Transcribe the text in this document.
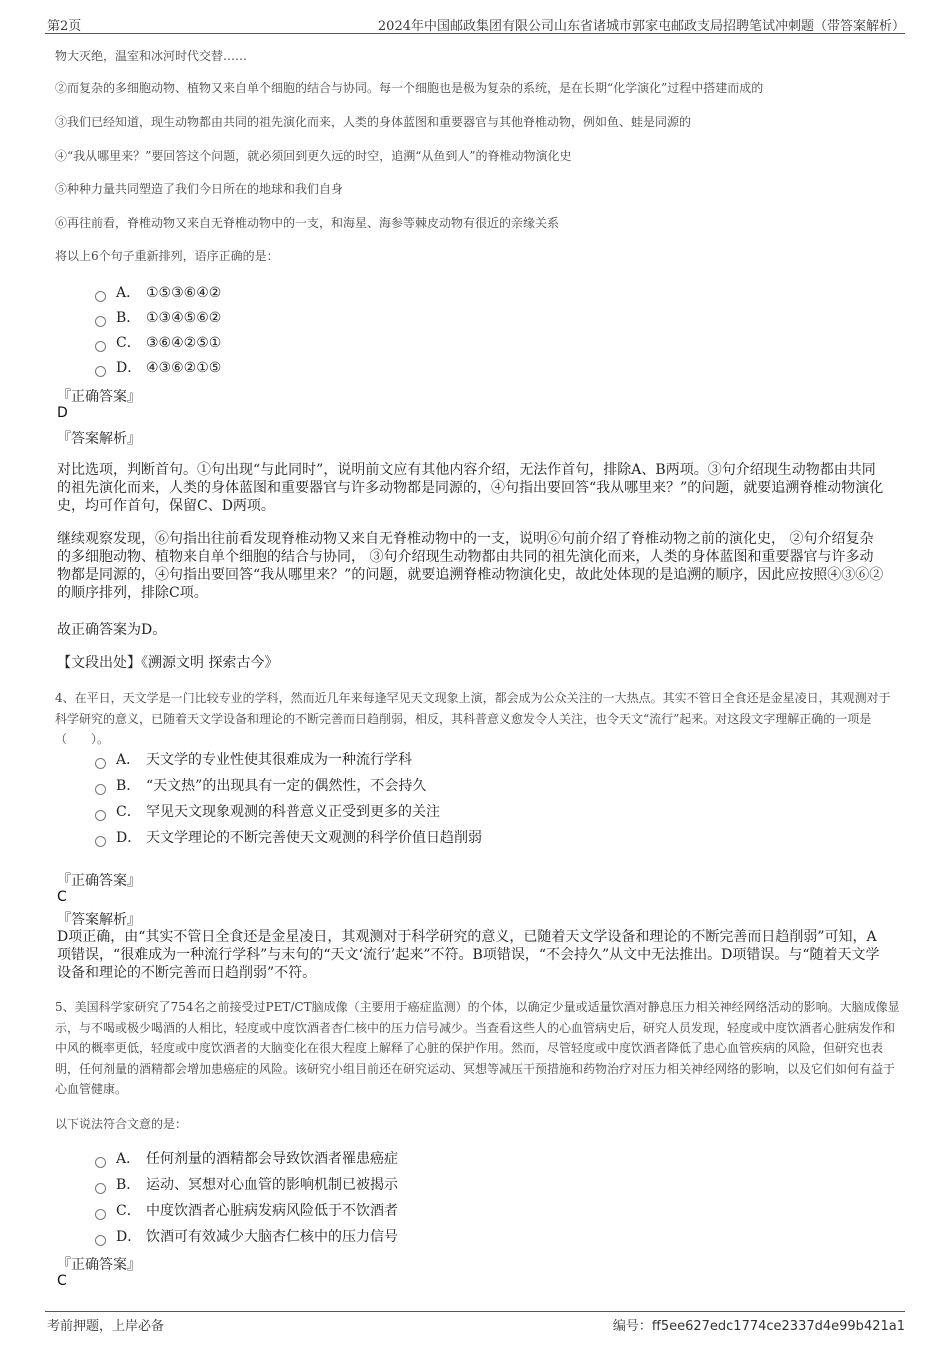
第2页	2024年中国邮政集团有限公司山东省诸城市郭家屯邮政支局招聘笔试冲刺题（带答案解析）
物大灭绝，温室和冰河时代交替……
②而复杂的多细胞动物、植物又来自单个细胞的结合与协同。每一个细胞也是极为复杂的系统，是在长期“化学演化”过程中搭建而成的
③我们已经知道，现生动物都由共同的祖先演化而来，人类的身体蓝图和重要器官与其他脊椎动物，例如鱼、蛙是同源的
④“我从哪里来？”要回答这个问题，就必须回到更久远的时空，追溯“从鱼到人”的脊椎动物演化史
⑤种种力量共同塑造了我们今日所在的地球和我们自身
⑥再往前看，脊椎动物又来自无脊椎动物中的一支，和海星、海参等棘皮动物有很近的亲缘关系
将以上6个句子重新排列，语序正确的是：
A． ①⑤③⑥④②
B． ①③④⑤⑥②
C． ③⑥④②⑤①
D． ④③⑥②①⑤
『正确答案』
D
『答案解析』
对比选项，判断首句。①句出现“与此同时”，说明前文应有其他内容介绍，无法作首句，排除A、B两项。③句介绍现生动物都由共同的祖先演化而来，人类的身体蓝图和重要器官与许多动物都是同源的，④句指出要回答“我从哪里来？”的问题，就要追溯脊椎动物演化史，均可作首句，保留C、D两项。
继续观察发现，⑥句指出往前看发现脊椎动物又来自无脊椎动物中的一支，说明⑥句前介绍了脊椎动物之前的演化史， ②句介绍复杂的多细胞动物、植物来自单个细胞的结合与协同， ③句介绍现生动物都由共同的祖先演化而来，人类的身体蓝图和重要器官与许多动物都是同源的，④句指出要回答“我从哪里来？”的问题，就要追溯脊椎动物演化史，故此处体现的是追溯的顺序，因此应按照④③⑥②的顺序排列，排除C项。
故正确答案为D。
【文段出处】《溯源文明 探索古今》
4、在平日，天文学是一门比较专业的学科，然而近几年来每逢罕见天文现象上演，都会成为公众关注的一大热点。其实不管日全食还是金星凌日，其观测对于科学研究的意义，已随着天文学设备和理论的不断完善而日趋削弱，相反，其科普意义愈发令人关注，也令天文“流行”起来。对这段文字理解正确的一项是（　　）。
A． 天文学的专业性使其很难成为一种流行学科
B． “天文热”的出现具有一定的偶然性，不会持久
C． 罕见天文现象观测的科普意义正受到更多的关注
D． 天文学理论的不断完善使天文观测的科学价值日趋削弱
『正确答案』
C
『答案解析』
D项正确，由“其实不管日全食还是金星凌日，其观测对于科学研究的意义，已随着天文学设备和理论的不断完善而日趋削弱”可知，A项错误，“很难成为一种流行学科”与末句的“天文‘流行’起来”不符。B项错误，“不会持久”从文中无法推出。D项错误。与“随着天文学设备和理论的不断完善而日趋削弱”不符。
5、美国科学家研究了754名之前接受过PET/CT脑成像（主要用于癌症监测）的个体，以确定少量或适量饮酒对静息压力相关神经网络活动的影响。大脑成像显示，与不喝或极少喝酒的人相比，轻度或中度饮酒者杏仁核中的压力信号减少。当查看这些人的心血管病史后，研究人员发现，轻度或中度饮酒者心脏病发作和中风的概率更低，轻度或中度饮酒者的大脑变化在很大程度上解释了心脏的保护作用。然而，尽管轻度或中度饮酒者降低了患心血管疾病的风险，但研究也表明，任何剂量的酒精都会增加患癌症的风险。该研究小组目前还在研究运动、冥想等减压干预措施和药物治疗对压力相关神经网络的影响，以及它们如何有益于心血管健康。
以下说法符合文意的是：
A． 任何剂量的酒精都会导致饮酒者罹患癌症
B． 运动、冥想对心血管的影响机制已被揭示
C． 中度饮酒者心脏病发病风险低于不饮酒者
D． 饮酒可有效减少大脑杏仁核中的压力信号
『正确答案』
C
考前押题，上岸必备	编号：ff5ee627edc1774ce2337d4e99b421a1
